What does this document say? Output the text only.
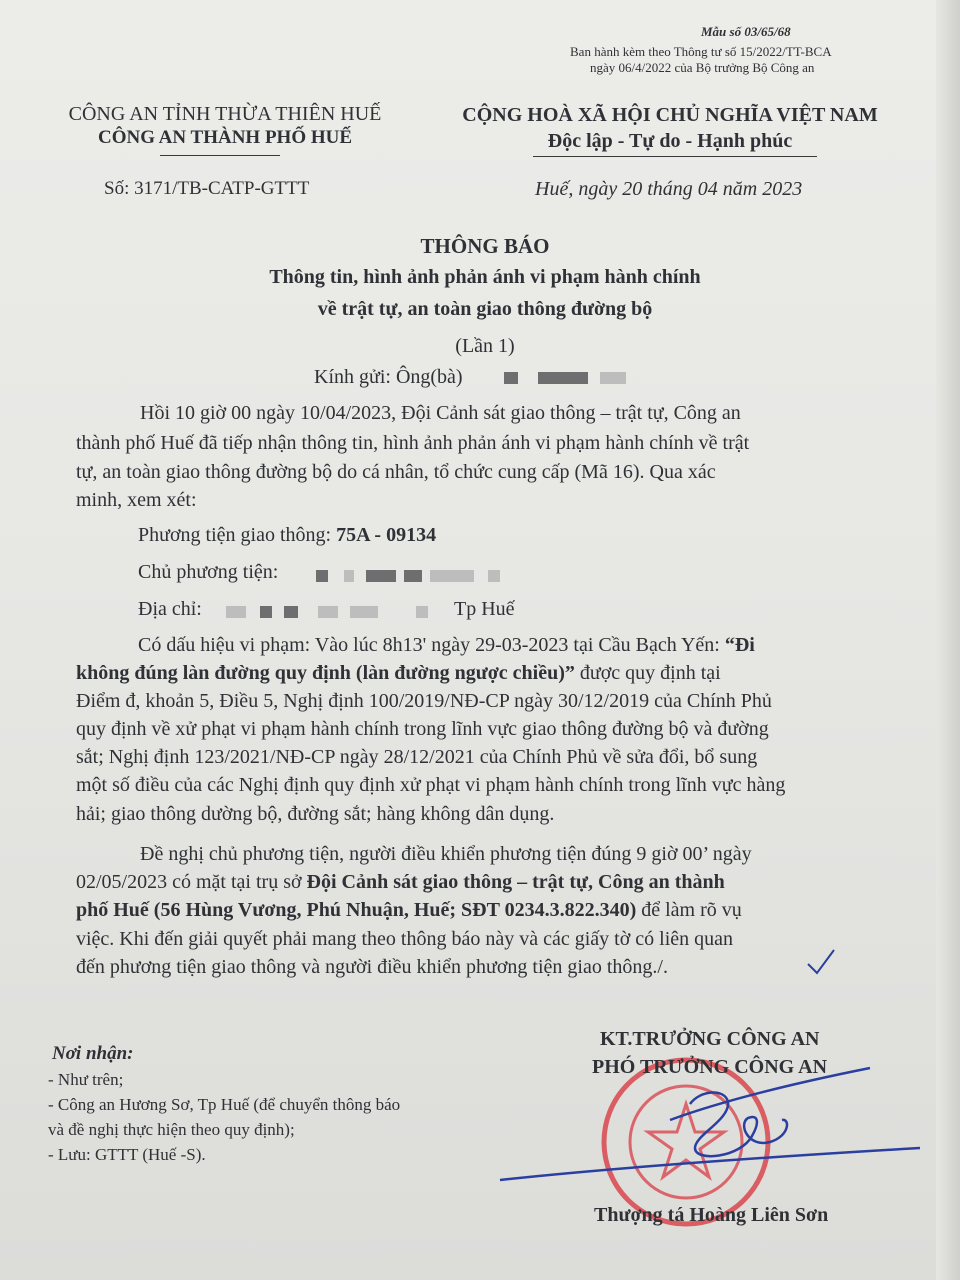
Mẫu số 03/65/68
Ban hành kèm theo Thông tư số 15/2022/TT-BCA
ngày 06/4/2022 của Bộ trưởng Bộ Công an
CÔNG AN TỈNH THỪA THIÊN HUẾ
CÔNG AN THÀNH PHỐ HUẾ
Số: 3171/TB-CATP-GTTT
CỘNG HOÀ XÃ HỘI CHỦ NGHĨA VIỆT NAM
Độc lập - Tự do - Hạnh phúc
Huế, ngày 20 tháng 04 năm 2023
THÔNG BÁO
Thông tin, hình ảnh phản ánh vi phạm hành chính
về trật tự, an toàn giao thông đường bộ
(Lần 1)
Kính gửi: Ông(bà)
Hồi 10 giờ 00 ngày 10/04/2023, Đội Cảnh sát giao thông – trật tự, Công an
thành phố Huế đã tiếp nhận thông tin, hình ảnh phản ánh vi phạm hành chính về trật
tự, an toàn giao thông đường bộ do cá nhân, tổ chức cung cấp (Mã 16). Qua xác
minh, xem xét:
Phương tiện giao thông: 75A - 09134
Chủ phương tiện:
Địa chỉ:	Tp Huế
Có dấu hiệu vi phạm: Vào lúc 8h13' ngày 29-03-2023 tại Cầu Bạch Yến: “Đi
không đúng làn đường quy định (làn đường ngược chiều)” được quy định tại
Điểm đ, khoản 5, Điều 5, Nghị định 100/2019/NĐ-CP ngày 30/12/2019 của Chính Phủ
quy định về xử phạt vi phạm hành chính trong lĩnh vực giao thông đường bộ và đường
sắt; Nghị định 123/2021/NĐ-CP ngày 28/12/2021 của Chính Phủ về sửa đổi, bổ sung
một số điều của các Nghị định quy định xử phạt vi phạm hành chính trong lĩnh vực hàng
hải; giao thông dường bộ, đường sắt; hàng không dân dụng.
Đề nghị chủ phương tiện, người điều khiển phương tiện đúng 9 giờ 00’ ngày
02/05/2023 có mặt tại trụ sở Đội Cảnh sát giao thông – trật tự, Công an thành
phố Huế (56 Hùng Vương, Phú Nhuận, Huế; SĐT 0234.3.822.340) để làm rõ vụ
việc. Khi đến giải quyết phải mang theo thông báo này và các giấy tờ có liên quan
đến phương tiện giao thông và người điều khiển phương tiện giao thông./.
Nơi nhận:
- Như trên;
- Công an Hương Sơ, Tp Huế (để chuyển thông báo
và đề nghị thực hiện theo quy định);
- Lưu: GTTT (Huế -S).
KT.TRƯỞNG CÔNG AN
PHÓ TRƯỞNG CÔNG AN
Thượng tá Hoàng Liên Sơn
